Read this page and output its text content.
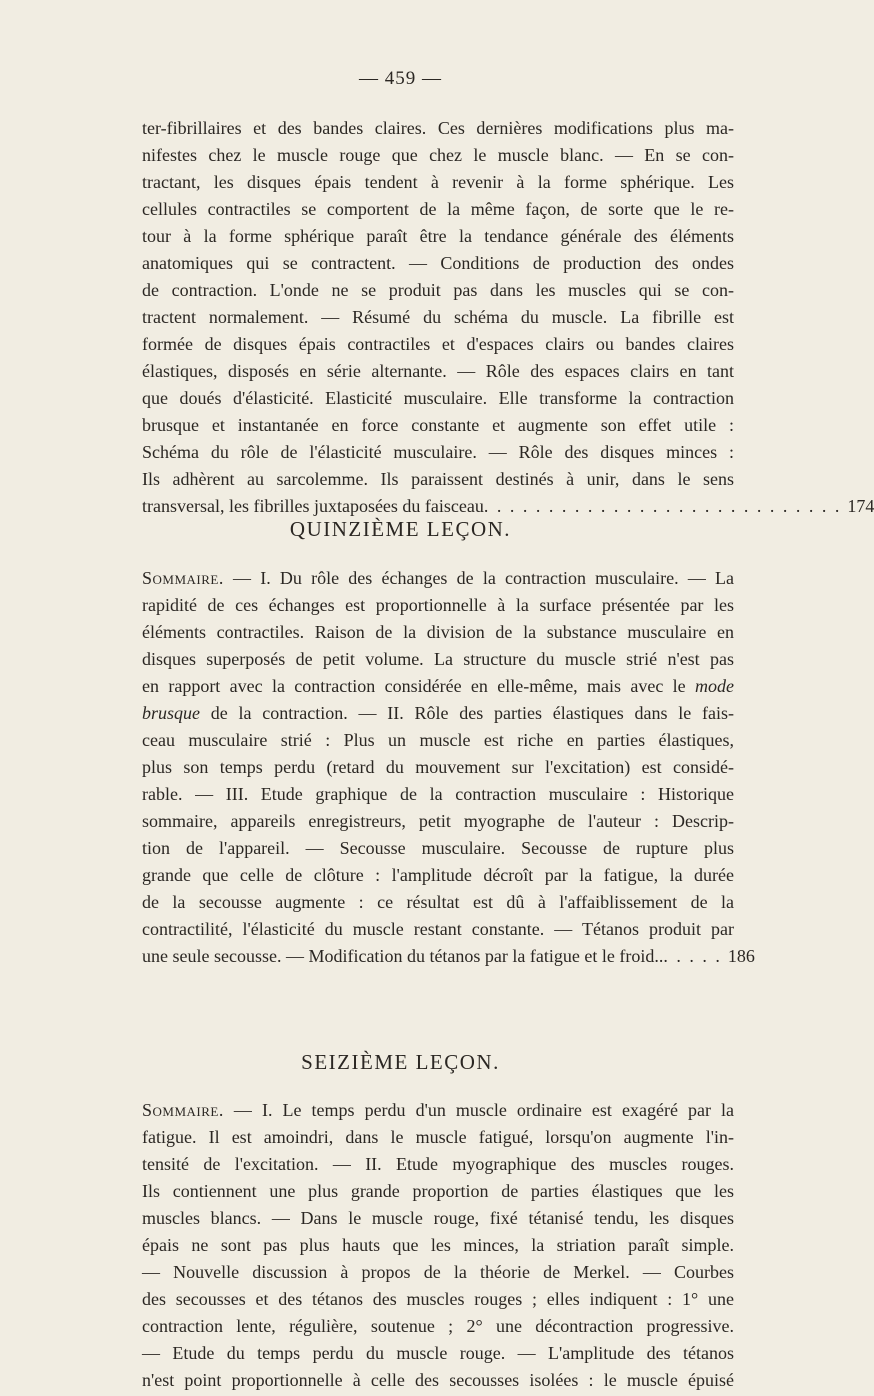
— 459 —
ter-fibrillaires et des bandes claires. Ces dernières modifications plus ma-
nifestes chez le muscle rouge que chez le muscle blanc. — En se con-
tractant, les disques épais tendent à revenir à la forme sphérique. Les
cellules contractiles se comportent de la même façon, de sorte que le re-
tour à la forme sphérique paraît être la tendance générale des éléments
anatomiques qui se contractent. — Conditions de production des ondes
de contraction. L'onde ne se produit pas dans les muscles qui se con-
tractent normalement. — Résumé du schéma du muscle. La fibrille est
formée de disques épais contractiles et d'espaces clairs ou bandes claires
élastiques, disposés en série alternante. — Rôle des espaces clairs en tant
que doués d'élasticité. Elasticité musculaire. Elle transforme la contraction
brusque et instantanée en force constante et augmente son effet utile :
Schéma du rôle de l'élasticité musculaire. — Rôle des disques minces :
Ils adhèrent au sarcolemme. Ils paraissent destinés à unir, dans le sens
transversal, les fibrilles juxtaposées du faisceau . . . . . . . . . . . . . . . . . . . . . . . . . . . . 174
QUINZIÈME LEÇON.
Sommaire. — I. Du rôle des échanges de la contraction musculaire. — La
rapidité de ces échanges est proportionnelle à la surface présentée par les
éléments contractiles. Raison de la division de la substance musculaire en
disques superposés de petit volume. La structure du muscle strié n'est pas
en rapport avec la contraction considérée en elle-même, mais avec le mode
brusque de la contraction. — II. Rôle des parties élastiques dans le fais-
ceau musculaire strié : Plus un muscle est riche en parties élastiques,
plus son temps perdu (retard du mouvement sur l'excitation) est considé-
rable. — III. Etude graphique de la contraction musculaire : Historique
sommaire, appareils enregistreurs, petit myographe de l'auteur : Descrip-
tion de l'appareil. — Secousse musculaire. Secousse de rupture plus
grande que celle de clôture : l'amplitude décroît par la fatigue, la durée
de la secousse augmente : ce résultat est dû à l'affaiblissement de la
contractilité, l'élasticité du muscle restant constante. — Tétanos produit par
une seule secousse. — Modification du tétanos par la fatigue et le froid.. . . . . . 186
SEIZIÈME LEÇON.
Sommaire. — I. Le temps perdu d'un muscle ordinaire est exagéré par la
fatigue. Il est amoindri, dans le muscle fatigué, lorsqu'on augmente l'in-
tensité de l'excitation. — II. Etude myographique des muscles rouges.
Ils contiennent une plus grande proportion de parties élastiques que les
muscles blancs. — Dans le muscle rouge, fixé tétanisé tendu, les disques
épais ne sont pas plus hauts que les minces, la striation paraît simple.
— Nouvelle discussion à propos de la théorie de Merkel. — Courbes
des secousses et des tétanos des muscles rouges ; elles indiquent : 1° une
contraction lente, régulière, soutenue ; 2° une décontraction progressive.
— Etude du temps perdu du muscle rouge. — L'amplitude des tétanos
n'est point proportionnelle à celle des secousses isolées : le muscle épuisé
